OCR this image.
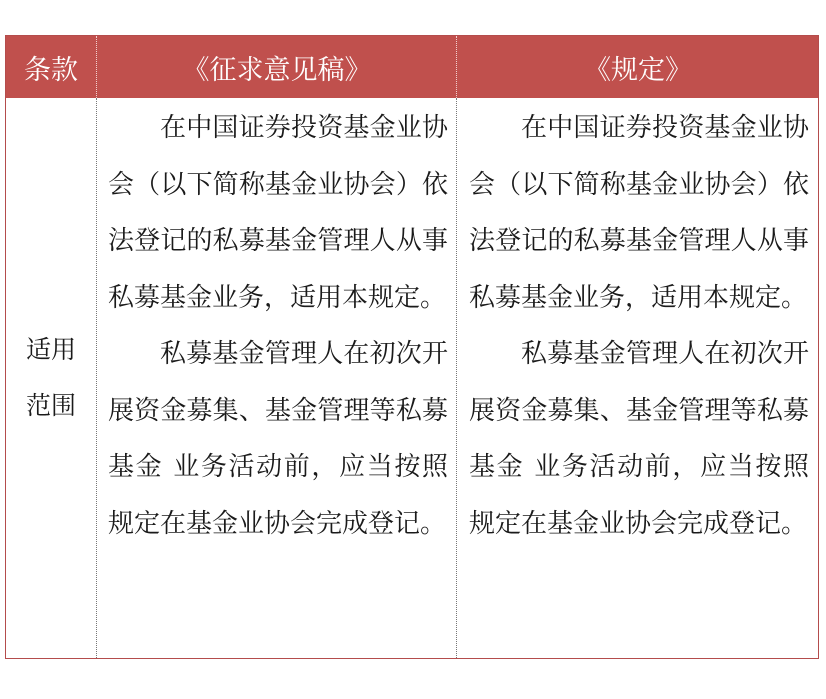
条款	《征求意见稿》	《规定》
适用
范围

在中国证券投资基金业协会（以下简称基金业协会）依法登记的私募基金管理人从事私募基金业务，适用本规定。

私募基金管理人在初次开展资金募集、基金管理等私募基金 业务活动前，应当按照规定在基金业协会完成登记。

在中国证券投资基金业协会（以下简称基金业协会）依法登记的私募基金管理人从事私募基金业务，适用本规定。

私募基金管理人在初次开展资金募集、基金管理等私募基金 业务活动前，应当按照规定在基金业协会完成登记。
